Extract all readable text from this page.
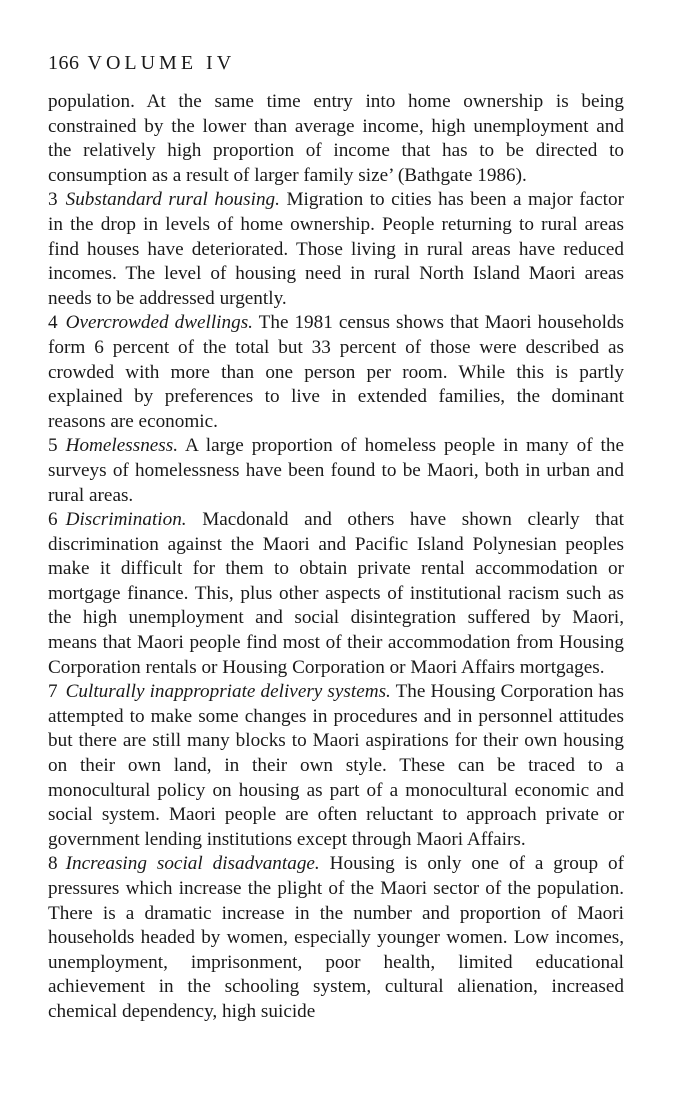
166 VOLUME IV

population. At the same time entry into home ownership is being constrained by the lower than average income, high unemployment and the relatively high proportion of income that has to be directed to consumption as a result of larger family size’ (Bathgate 1986).

3 Substandard rural housing. Migration to cities has been a major factor in the drop in levels of home ownership. People returning to rural areas find houses have deteriorated. Those living in rural areas have reduced incomes. The level of housing need in rural North Island Maori areas needs to be addressed urgently.

4 Overcrowded dwellings. The 1981 census shows that Maori households form 6 percent of the total but 33 percent of those were described as crowded with more than one person per room. While this is partly explained by preferences to live in extended families, the dominant reasons are economic.

5 Homelessness. A large proportion of homeless people in many of the surveys of homelessness have been found to be Maori, both in urban and rural areas.

6 Discrimination. Macdonald and others have shown clearly that discrimination against the Maori and Pacific Island Polynesian peoples make it difficult for them to obtain private rental accommodation or mortgage finance. This, plus other aspects of institutional racism such as the high unemployment and social disintegration suffered by Maori, means that Maori people find most of their accommodation from Housing Corporation rentals or Housing Corporation or Maori Affairs mortgages.

7 Culturally inappropriate delivery systems. The Housing Corporation has attempted to make some changes in procedures and in personnel attitudes but there are still many blocks to Maori aspirations for their own housing on their own land, in their own style. These can be traced to a monocultural policy on housing as part of a monocultural economic and social system. Maori people are often reluctant to approach private or government lending institutions except through Maori Affairs.

8 Increasing social disadvantage. Housing is only one of a group of pressures which increase the plight of the Maori sector of the population. There is a dramatic increase in the number and proportion of Maori households headed by women, especially younger women. Low incomes, unemployment, imprisonment, poor health, limited educational achievement in the schooling system, cultural alienation, increased chemical dependency, high suicide
